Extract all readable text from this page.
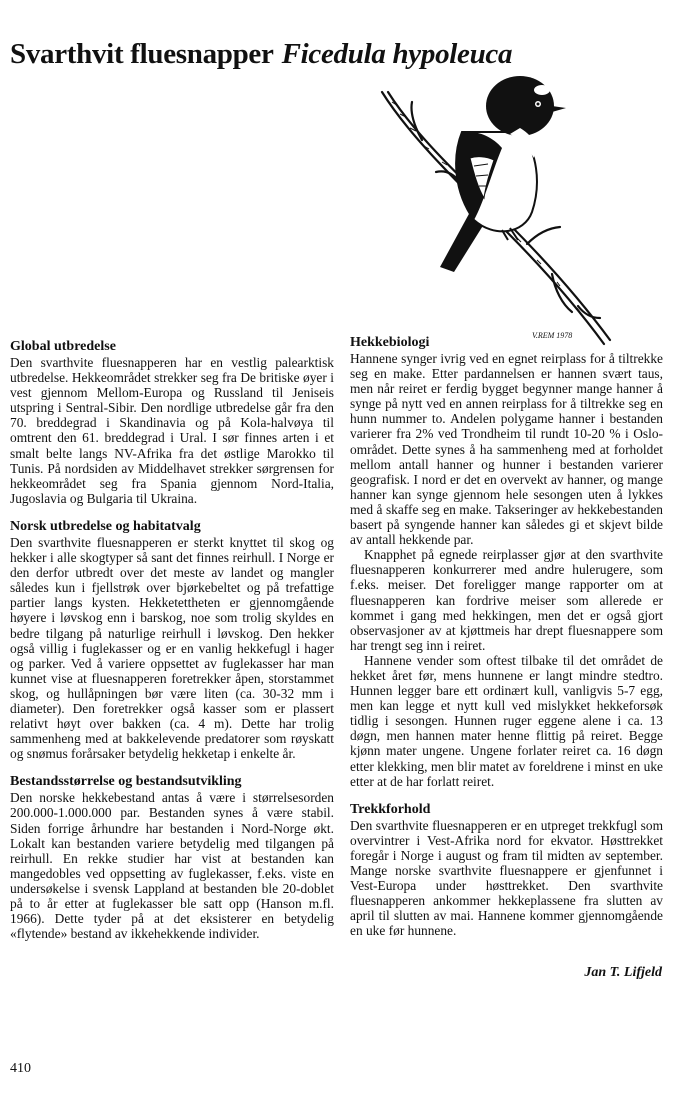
Svarthvit fluesnapper Ficedula hypoleuca
V.REM 1978
Global utbredelse

Den svarthvite fluesnapperen har en vestlig palearktisk utbredelse. Hekkeområdet strekker seg fra De britiske øyer i vest gjennom Mellom-Europa og Russland til Jeniseis utspring i Sentral-Sibir. Den nordlige utbredelse går fra den 70. breddegrad i Skandinavia og på Kola-halvøya til omtrent den 61. breddegrad i Ural. I sør finnes arten i et smalt belte langs NV-Afrika fra det østlige Marokko til Tunis. På nordsiden av Middelhavet strekker sørgrensen for hekkeområdet seg fra Spania gjennom Nord-Italia, Jugoslavia og Bulgaria til Ukraina.

Norsk utbredelse og habitatvalg

Den svarthvite fluesnapperen er sterkt knyttet til skog og hekker i alle skogtyper så sant det finnes reirhull. I Norge er den derfor utbredt over det meste av landet og mangler således kun i fjellstrøk over bjørkebeltet og på trefattige partier langs kysten. Hekketettheten er gjennomgående høyere i løvskog enn i barskog, noe som trolig skyldes en bedre tilgang på naturlige reirhull i løvskog. Den hekker også villig i fuglekasser og er en vanlig hekkefugl i hager og parker. Ved å variere oppsettet av fuglekasser har man kunnet vise at fluesnapperen foretrekker åpen, storstammet skog, og hullåpningen bør være liten (ca. 30-32 mm i diameter). Den foretrekker også kasser som er plassert relativt høyt over bakken (ca. 4 m). Dette har trolig sammenheng med at bakkelevende predatorer som røyskatt og snømus forårsaker betydelig hekketap i enkelte år.

Bestandsstørrelse og bestandsutvikling

Den norske hekkebestand antas å være i størrelsesorden 200.000-1.000.000 par. Bestanden synes å være stabil. Siden forrige århundre har bestanden i Nord-Norge økt. Lokalt kan bestanden variere betydelig med tilgangen på reirhull. En rekke studier har vist at bestanden kan mangedobles ved oppsetting av fuglekasser, f.eks. viste en undersøkelse i svensk Lappland at bestanden ble 20-doblet på to år etter at fuglekasser ble satt opp (Hanson m.fl. 1966). Dette tyder på at det eksisterer en betydelig «flytende» bestand av ikkehekkende individer.

Hekkebiologi

Hannene synger ivrig ved en egnet reirplass for å tiltrekke seg en make. Etter pardannelsen er hannen svært taus, men når reiret er ferdig bygget begynner mange hanner å synge på nytt ved en annen reirplass for å tiltrekke seg en hunn nummer to. Andelen polygame hanner i bestanden varierer fra 2% ved Trondheim til rundt 10-20 % i Oslo-området. Dette synes å ha sammenheng med at forholdet mellom antall hanner og hunner i bestanden varierer geografisk. I nord er det en overvekt av hanner, og mange hanner kan synge gjennom hele sesongen uten å lykkes med å skaffe seg en make. Takseringer av hekkebestanden basert på syngende hanner kan således gi et skjevt bilde av antall hekkende par.

Knapphet på egnede reirplasser gjør at den svarthvite fluesnapperen konkurrerer med andre hulerugere, som f.eks. meiser. Det foreligger mange rapporter om at fluesnapperen kan fordrive meiser som allerede er kommet i gang med hekkingen, men det er også gjort observasjoner av at kjøttmeis har drept fluesnappere som har trengt seg inn i reiret.

Hannene vender som oftest tilbake til det området de hekket året før, mens hunnene er langt mindre stedtro. Hunnen legger bare ett ordinært kull, vanligvis 5-7 egg, men kan legge et nytt kull ved mislykket hekkeforsøk tidlig i sesongen. Hunnen ruger eggene alene i ca. 13 døgn, men hannen mater henne flittig på reiret. Begge kjønn mater ungene. Ungene forlater reiret ca. 16 døgn etter klekking, men blir matet av foreldrene i minst en uke etter at de har forlatt reiret.

Trekkforhold

Den svarthvite fluesnapperen er en utpreget trekkfugl som overvintrer i Vest-Afrika nord for ekvator. Høsttrekket foregår i Norge i august og fram til midten av september. Mange norske svarthvite fluesnappere er gjenfunnet i Vest-Europa under høsttrekket. Den svarthvite fluesnapperen ankommer hekkeplassene fra slutten av april til slutten av mai. Hannene kommer gjennomgående en uke før hunnene.

Jan T. Lifjeld
410
